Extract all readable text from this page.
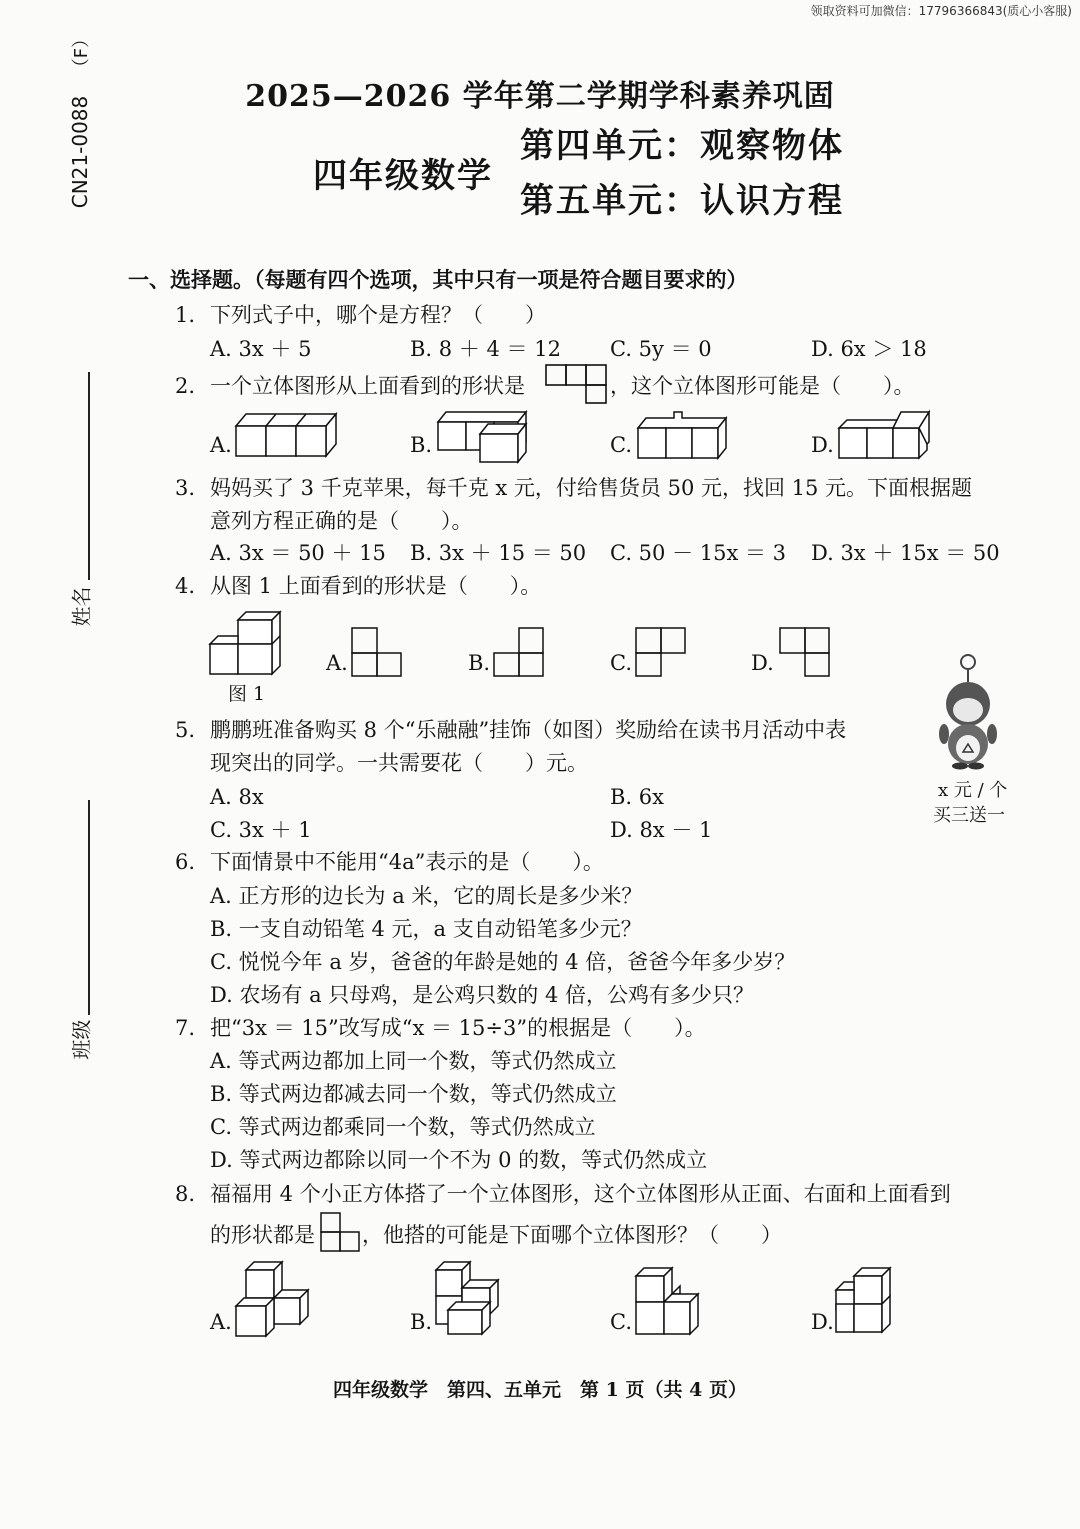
领取资料可加微信：17796366843(质心小客服)
CN21-0088
（F）
姓名
班级
2025—2026 学年第二学期学科素养巩固
四年级数学
第四单元：观察物体
第五单元：认识方程
一、选择题。（每题有四个选项，其中只有一项是符合题目要求的）
1. 下列式子中，哪个是方程？（　　）
A. 3x ＋ 5	B. 8 ＋ 4 ＝ 12 C. 5y ＝ 0	D. 6x ＞ 18
2. 一个立体图形从上面看到的形状是	，这个立体图形可能是（　　）。
A.	B.	C.	D.
3. 妈妈买了 3 千克苹果，每千克 x 元，付给售货员 50 元，找回 15 元。下面根据题
意列方程正确的是（　　）。
A. 3x ＝ 50 ＋ 15 B. 3x ＋ 15 ＝ 50 C. 50 － 15x ＝ 3 D. 3x ＋ 15x ＝ 50
4. 从图 1 上面看到的形状是（　　）。
图 1
A.	B.	C.	D.
5. 鹏鹏班准备购买 8 个“乐融融”挂饰（如图）奖励给在读书月活动中表
现突出的同学。一共需要花（　　）元。
A. 8x	B. 6x
C. 3x ＋ 1	D. 8x － 1
x 元 / 个
买三送一
6. 下面情景中不能用“4a”表示的是（　　）。
A. 正方形的边长为 a 米，它的周长是多少米？
B. 一支自动铅笔 4 元，a 支自动铅笔多少元？
C. 悦悦今年 a 岁，爸爸的年龄是她的 4 倍，爸爸今年多少岁？
D. 农场有 a 只母鸡，是公鸡只数的 4 倍，公鸡有多少只？
7. 把“3x ＝ 15”改写成“x ＝ 15÷3”的根据是（　　）。
A. 等式两边都加上同一个数，等式仍然成立
B. 等式两边都减去同一个数，等式仍然成立
C. 等式两边都乘同一个数，等式仍然成立
D. 等式两边都除以同一个不为 0 的数，等式仍然成立
8. 福福用 4 个小正方体搭了一个立体图形，这个立体图形从正面、右面和上面看到
的形状都是 ，他搭的可能是下面哪个立体图形？（　　）
A.	B.	C.	D.
四年级数学　第四、五单元　第 1 页（共 4 页）
